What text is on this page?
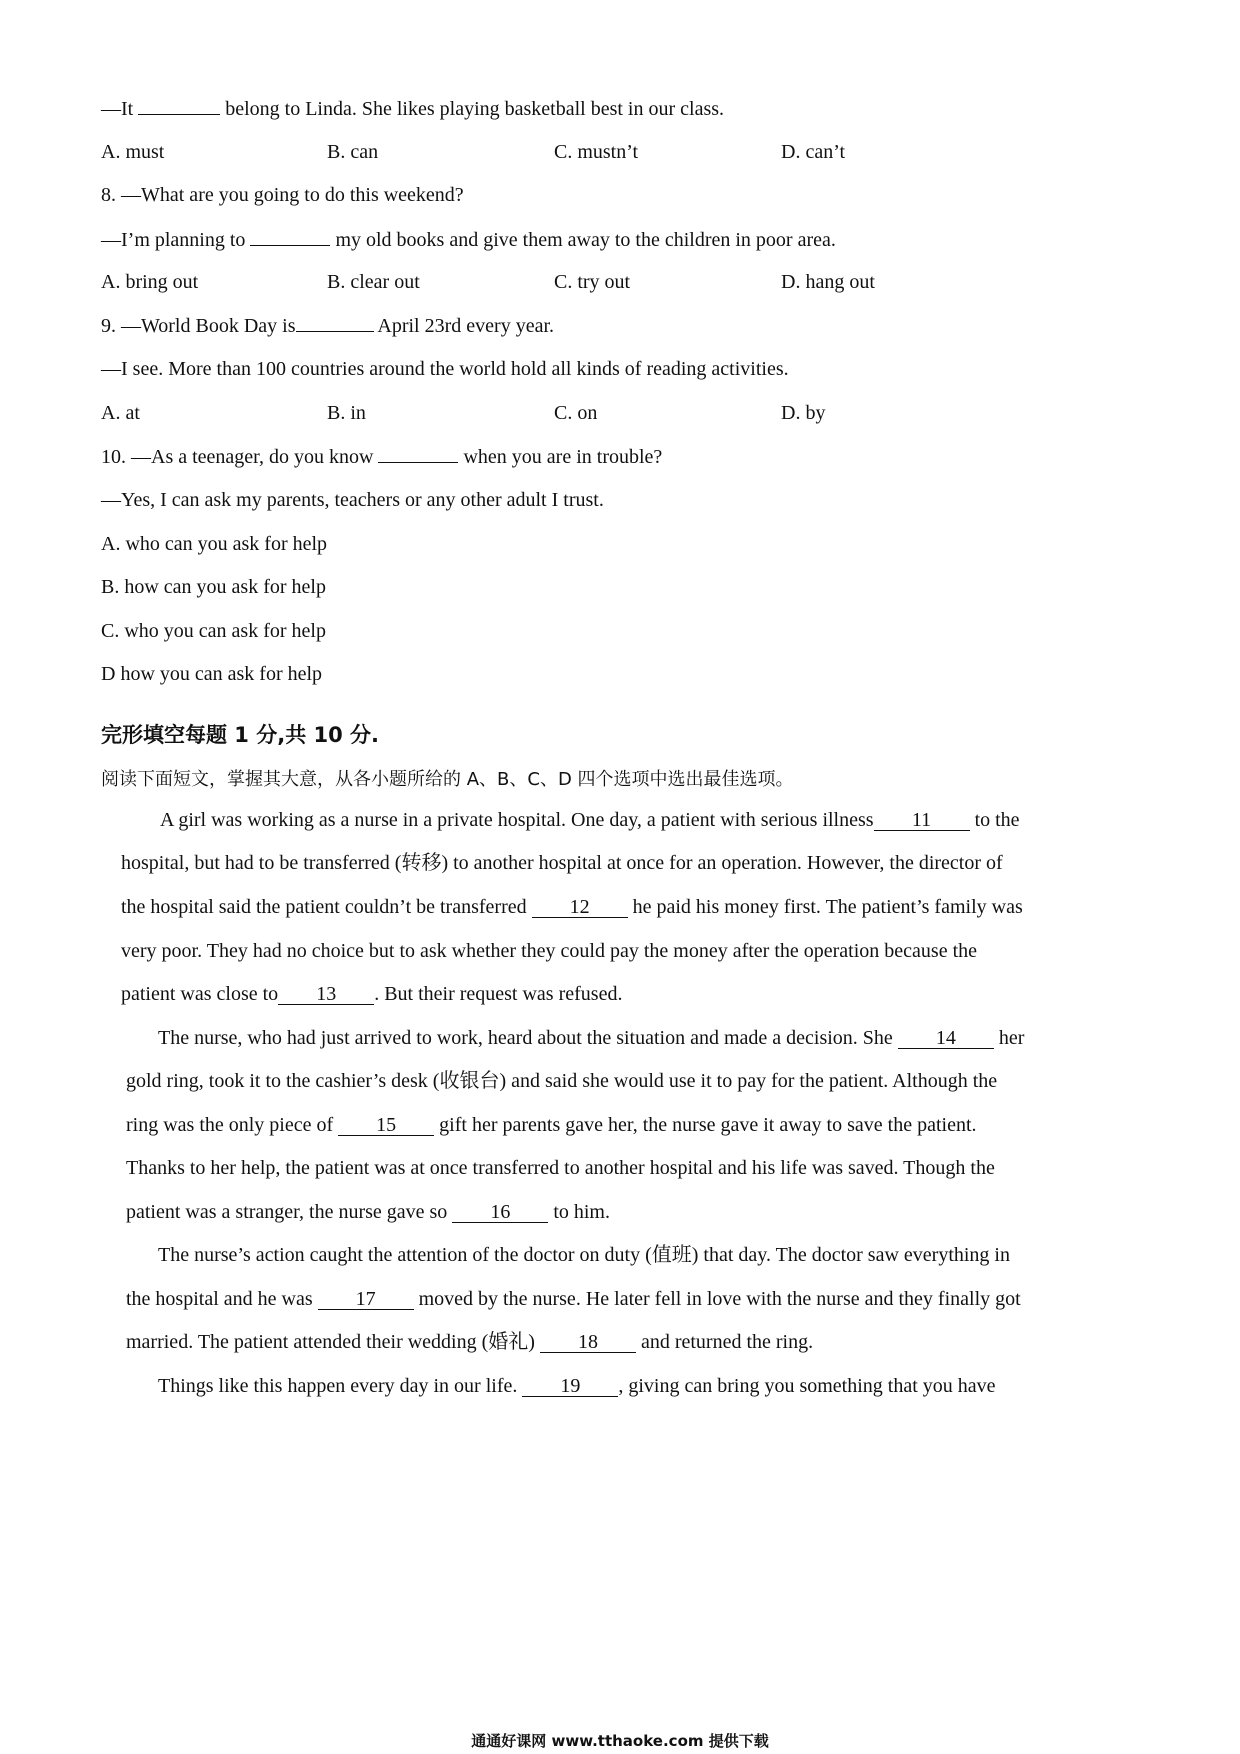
—It	belong to Linda. She likes playing basketball best in our class.
A. must	B. can	C. mustn’t	D. can’t
8. —What are you going to do this weekend?
—I’m planning to	my old books and give them away to the children in poor area.
A. bring out	B. clear out	C. try out	D. hang out
9. —World Book Day is	April 23rd every year.
—I see. More than 100 countries around the world hold all kinds of reading activities.
A. at	B. in	C. on	D. by
10. —As a teenager, do you know	when you are in trouble?
—Yes, I can ask my parents, teachers or any other adult I trust.
A. who can you ask for help
B. how can you ask for help
C. who you can ask for help
D how you can ask for help
完形填空每题 1 分,共 10 分.
阅读下面短文，掌握其大意，从各小题所给的 A、B、C、D 四个选项中选出最佳选项。
A girl was working as a nurse in a private hospital. One day, a patient with serious illness 11 to the
hospital, but had to be transferred (转移) to another hospital at once for an operation. However, the director of
the hospital said the patient couldn’t be transferred 12 he paid his money first. The patient’s family was
very poor. They had no choice but to ask whether they could pay the money after the operation because the
patient was close to 13 . But their request was refused.
The nurse, who had just arrived to work, heard about the situation and made a decision. She 14 her
gold ring, took it to the cashier’s desk (收银台) and said she would use it to pay for the patient. Although the
ring was the only piece of 15 gift her parents gave her, the nurse gave it away to save the patient.
Thanks to her help, the patient was at once transferred to another hospital and his life was saved. Though the
patient was a stranger, the nurse gave so 16 to him.
The nurse’s action caught the attention of the doctor on duty (值班) that day. The doctor saw everything in
the hospital and he was 17 moved by the nurse. He later fell in love with the nurse and they finally got
married. The patient attended their wedding (婚礼) 18 and returned the ring.
Things like this happen every day in our life. 19 , giving can bring you something that you have
通通好课网 www.tthaoke.com 提供下载
